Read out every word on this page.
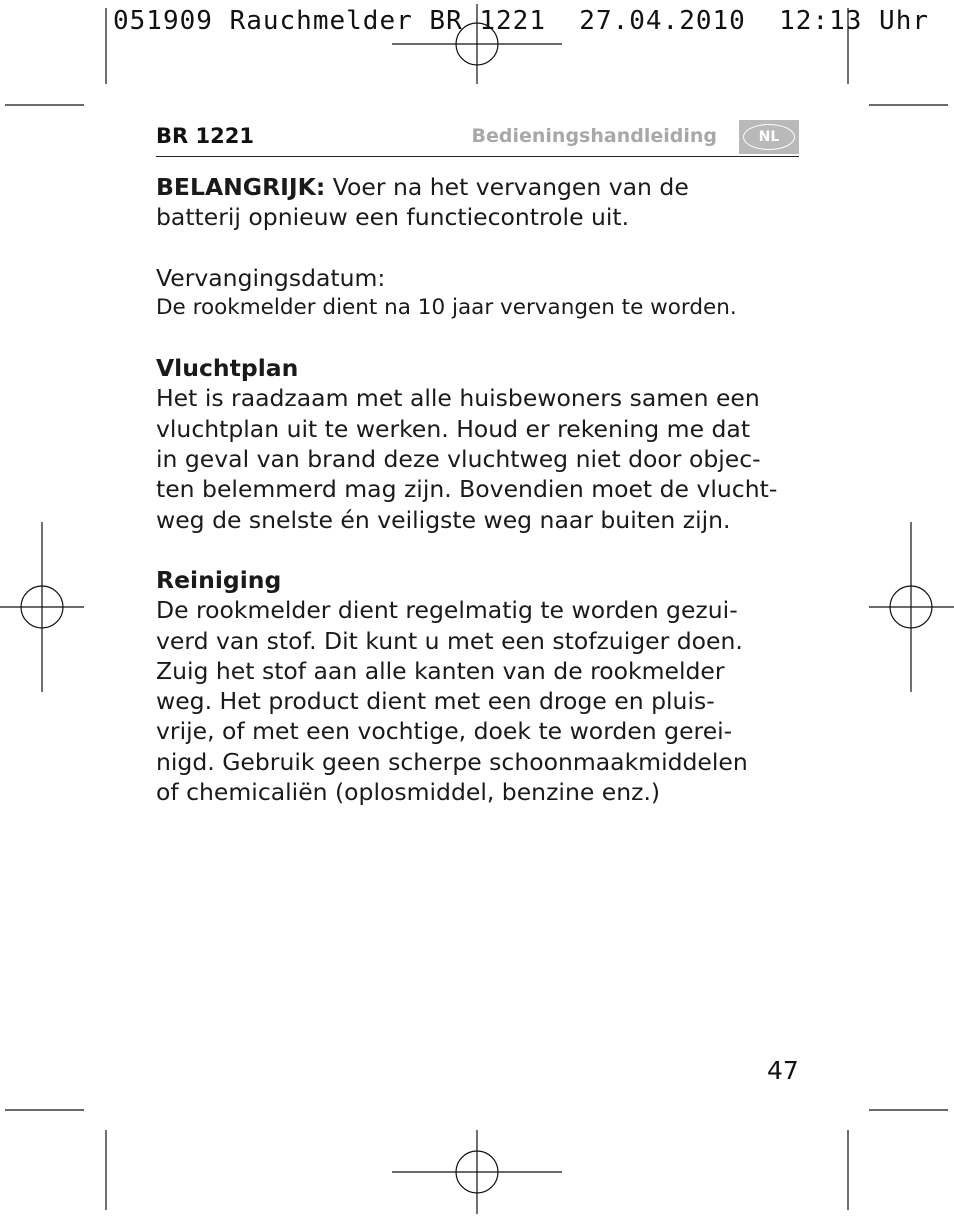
051909 Rauchmelder BR 1221  27.04.2010  12:13 Uhr
BR 1221	Bedieningshandleiding	NL

BELANGRIJK: Voer na het vervangen van de

batterij opnieuw een functiecontrole uit.

Vervangingsdatum:

De rookmelder dient na 10 jaar vervangen te worden.

Vluchtplan

Het is raadzaam met alle huisbewoners samen een

vluchtplan uit te werken. Houd er rekening me dat

in geval van brand deze vluchtweg niet door objec-

ten belemmerd mag zijn. Bovendien moet de vlucht-

weg de snelste én veiligste weg naar buiten zijn.

Reiniging

De rookmelder dient regelmatig te worden gezui-

verd van stof. Dit kunt u met een stofzuiger doen.

Zuig het stof aan alle kanten van de rookmelder

weg. Het product dient met een droge en pluis-

vrije, of met een vochtige, doek te worden gerei-

nigd. Gebruik geen scherpe schoonmaakmiddelen

of chemicaliën (oplosmiddel, benzine enz.)

47
